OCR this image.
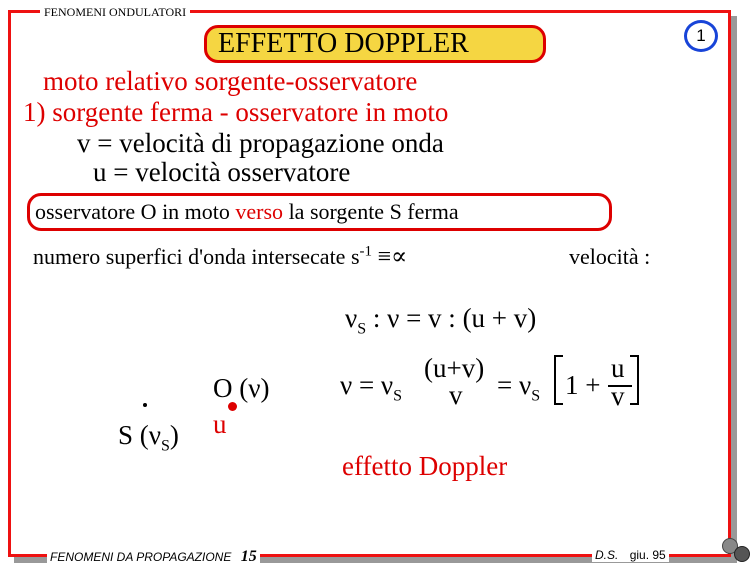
FENOMENI ONDULATORI
EFFETTO DOPPLER	1
moto relativo sorgente-osservatore
1) sorgente ferma - osservatore in moto
v = velocità di propagazione onda
u = velocità osservatore
osservatore O in moto verso la sorgente S ferma
numero superfici d'onda intersecate $s^{-1}$ ≡∝	velocità :
$\nu_S$ : ν = v : (u + v)
O (ν)
u
S $(\nu_S)$
$\nu = \nu_S$
(u+v)
$v = \nu_S$ 1 +
u
v
effetto Doppler
FENOMENI DA PROPAGAZIONE 15	D.S. giu. 95
